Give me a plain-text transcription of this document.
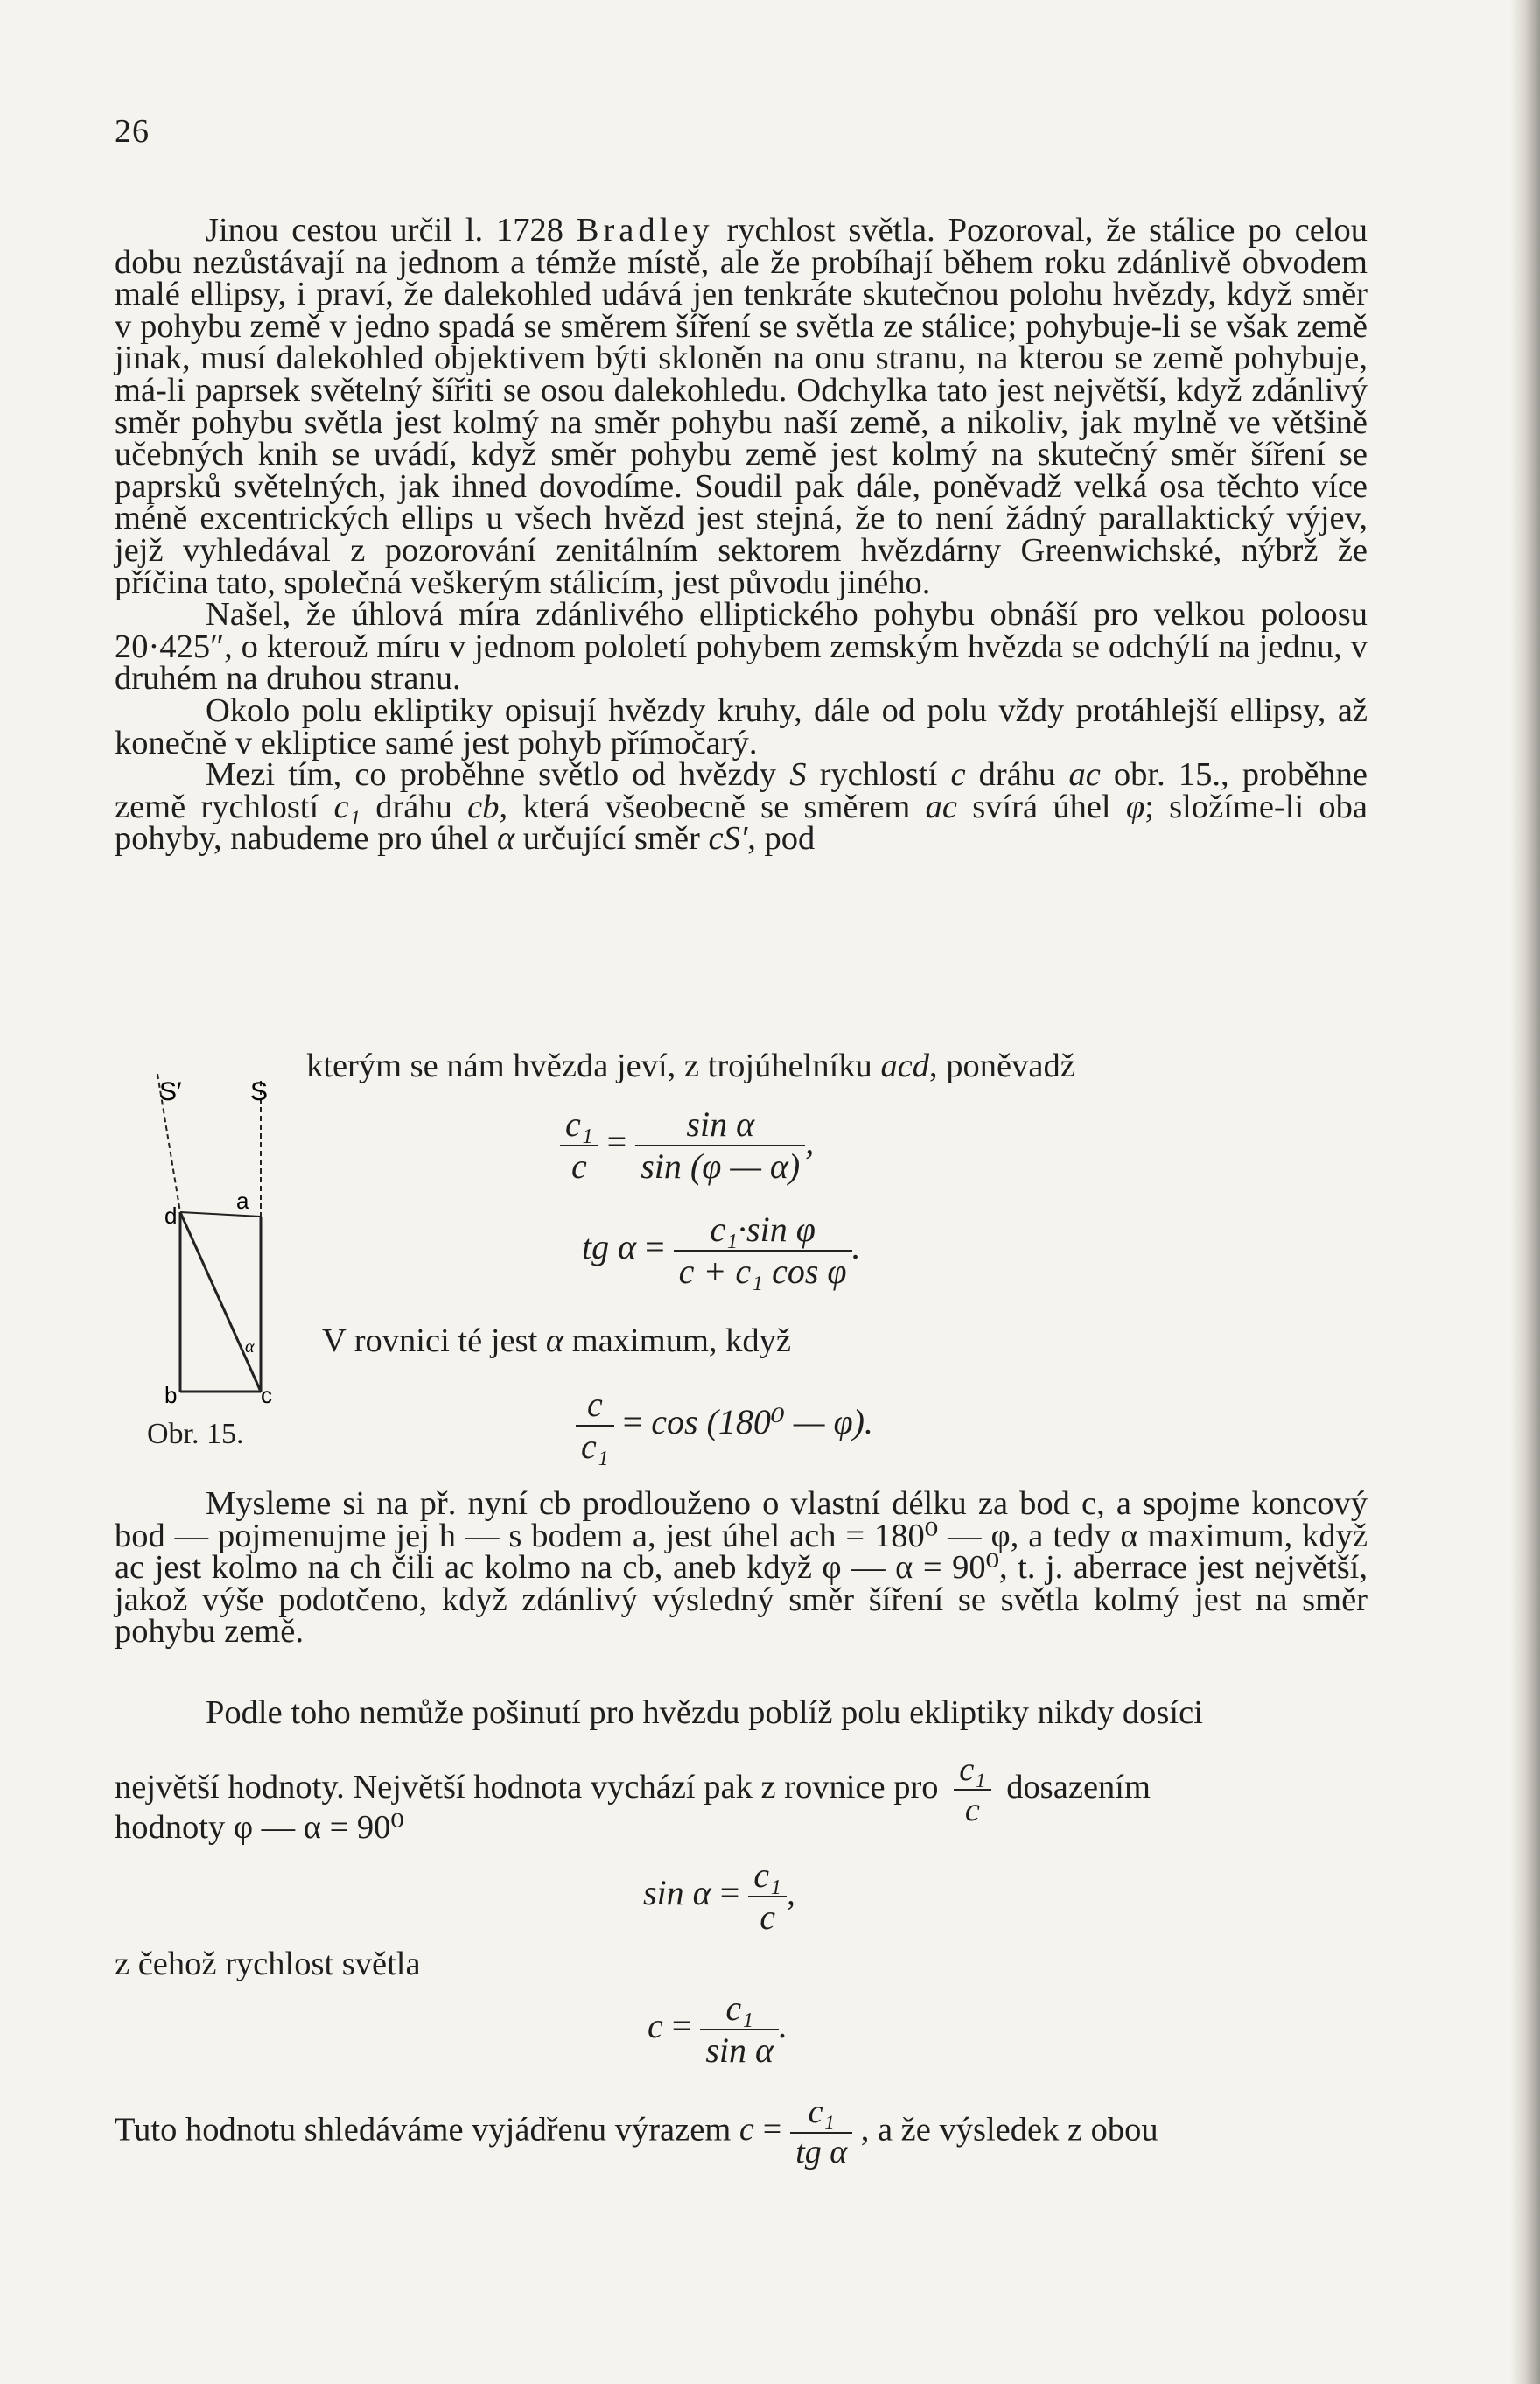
26

Jinou cestou určil l. 1728 Bradley rychlost světla. Pozoroval, že stálice po celou dobu nezůstávají na jednom a témže místě, ale že probíhají během roku zdánlivě obvodem malé ellipsy, i praví, že dalekohled udává jen tenkráte skutečnou polohu hvězdy, když směr v pohybu země v jedno spadá se směrem šíření se světla ze stálice; pohybuje-li se však země jinak, musí dalekohled objektivem býti skloněn na onu stranu, na kterou se země pohybuje, má-li paprsek světelný šířiti se osou dalekohledu. Odchylka tato jest největší, když zdánlivý směr pohybu světla jest kolmý na směr pohybu naší země, a nikoliv, jak mylně ve většině učebných knih se uvádí, když směr pohybu země jest kolmý na skutečný směr šíření se paprsků světelných, jak ihned dovodíme. Soudil pak dále, poněvadž velká osa těchto více méně excentrických ellips u všech hvězd jest stejná, že to není žádný parallaktický výjev, jejž vyhledával z pozorování zenitálním sektorem hvězdárny Greenwichské, nýbrž že příčina tato, společná veškerým stálicím, jest původu jiného.

Našel, že úhlová míra zdánlivého elliptického pohybu obnáší pro velkou poloosu 20·425″, o kterouž míru v jednom pololetí pohybem zemským hvězda se odchýlí na jednu, v druhém na druhou stranu.

Okolo polu ekliptiky opisují hvězdy kruhy, dále od polu vždy protáhlejší ellipsy, až konečně v ekliptice samé jest pohyb přímočarý.

Mezi tím, co proběhne světlo od hvězdy S rychlostí c dráhu ac obr. 15., proběhne země rychlostí c₁ dráhu cb, která všeobecně se směrem ac svírá úhel φ; složíme-li oba pohyby, nabudeme pro úhel α určující směr cS′, pod

kterým se nám hvězda jeví, z trojúhelníku acd, poněvadž
S′	S
a
d
α
b	c
Obr. 15.
$\frac{\text{c₁}}{c} = \frac{\text{sin α}}{\sin (\varphi — \alpha)}$ ,
tg $\alpha = \frac{\text{c₁·sin φ}}{\text{c + c₁ cos φ}}$ .
V rovnici té jest α maximum, když
$\frac{c}{\text{c₁}} = \cos (180^0$ — φ).

Mysleme si na př. nyní cb prodlouženo o vlastní délku za bod c, a spojme koncový bod — pojmenujme jej h — s bodem a, jest úhel ach = 180⁰ — φ, a tedy α maximum, když ac jest kolmo na ch čili ac kolmo na cb, aneb když φ — α = 90⁰, t. j. aberrace jest největší, jakož výše podotčeno, když zdánlivý výsledný směr šíření se světla kolmý jest na směr pohybu země.

Podle toho nemůže pošinutí pro hvězdu poblíž polu ekliptiky nikdy dosíci
největší hodnoty. Největší hodnota vychází pak z rovnice pro $\frac{\text{c₁}}{c}$ dosazením
hodnoty φ — α = 90⁰
$\sin \alpha = \frac{\text{c₁}}{c}$ ,
z čehož rychlost světla
$c = \frac{\text{c₁}}{\text{sin α}}$ .
Tuto hodnotu shledáváme vyjádřenu výrazem $c = \frac{\text{c₁}}{\text{tg α}}$ , a že výsledek z obou
